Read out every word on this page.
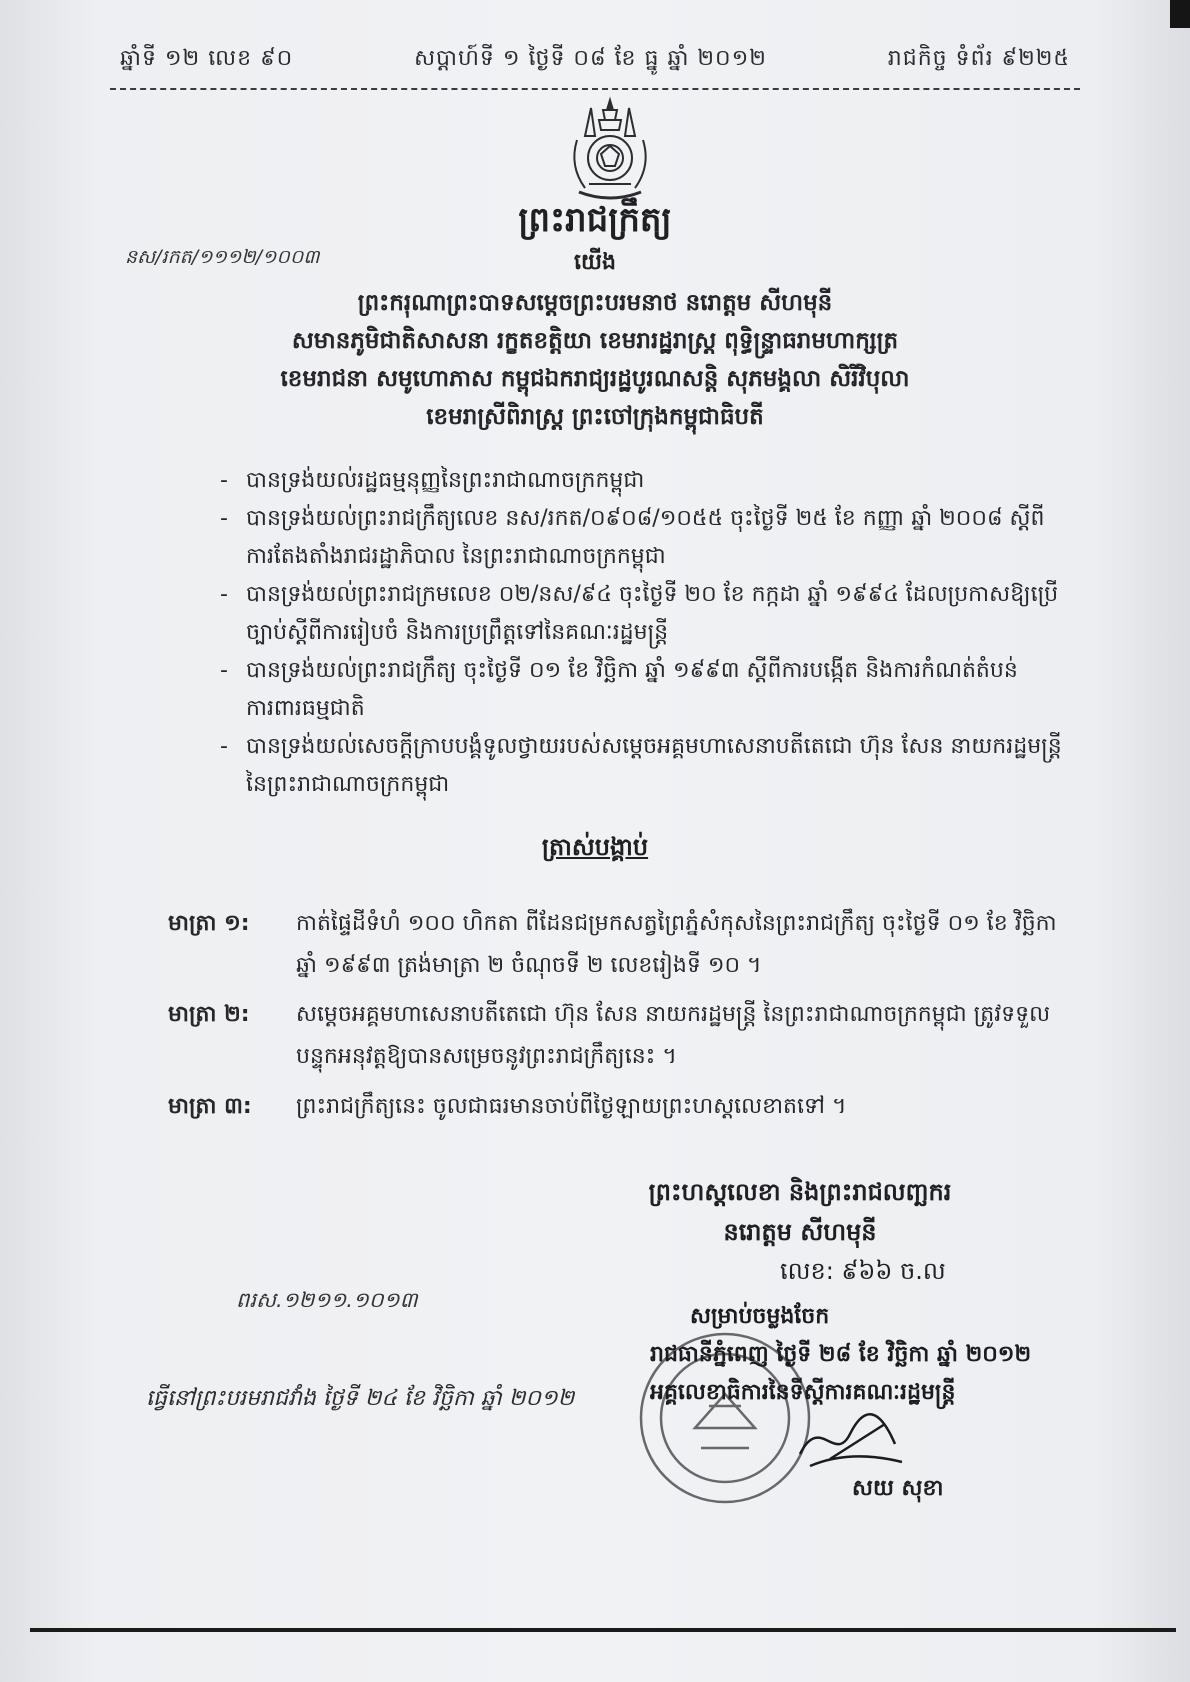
ឆ្នាំទី ១២ លេខ ៩០	សប្តាហ៍ទី ១ ថ្ងៃទី ០៨ ខែ ធ្នូ ឆ្នាំ ២០១២	រាជកិច្ច ទំព័រ ៩២២៥
ព្រះរាជក្រឹត្យ
នស/រកត/១១១២/១០០៣	យើង
ព្រះករុណាព្រះបាទសម្តេចព្រះបរមនាថ នរោត្តម សីហមុនី
សមានភូមិជាតិសាសនា រក្ខតខត្តិយា ខេមរារដ្ឋរាស្ត្រ ពុទ្ធិន្ទ្រាធរាមហាក្សត្រ
ខេមរាជនា សមូហោភាស កម្ពុជឯករាជ្យរដ្ឋបូរណសន្តិ សុភមង្គលា សិរីវិបុលា
ខេមរាស្រីពិរាស្ត្រ ព្រះចៅក្រុងកម្ពុជាធិបតី
- បានទ្រង់យល់រដ្ឋធម្មនុញ្ញនៃព្រះរាជាណាចក្រកម្ពុជា
- បានទ្រង់យល់ព្រះរាជក្រឹត្យលេខ នស/រកត/០៩០៨/១០៥៥ ចុះថ្ងៃទី ២៥ ខែ កញ្ញា ឆ្នាំ ២០០៨ ស្តីពីការតែងតាំងរាជរដ្ឋាភិបាល នៃព្រះរាជាណាចក្រកម្ពុជា
- បានទ្រង់យល់ព្រះរាជក្រមលេខ ០២/នស/៩៤ ចុះថ្ងៃទី ២០ ខែ កក្កដា ឆ្នាំ ១៩៩៤ ដែលប្រកាសឱ្យប្រើច្បាប់ស្តីពីការរៀបចំ និងការប្រព្រឹត្តទៅនៃគណៈរដ្ឋមន្ត្រី
- បានទ្រង់យល់ព្រះរាជក្រឹត្យ ចុះថ្ងៃទី ០១ ខែ វិច្ឆិកា ឆ្នាំ ១៩៩៣ ស្តីពីការបង្កើត និងការកំណត់តំបន់ការពារធម្មជាតិ
- បានទ្រង់យល់សេចក្តីក្រាបបង្គំទូលថ្វាយរបស់សម្តេចអគ្គមហាសេនាបតីតេជោ ហ៊ុន សែន នាយករដ្ឋមន្ត្រី នៃព្រះរាជាណាចក្រកម្ពុជា
ត្រាស់បង្គាប់
មាត្រា ១: កាត់ផ្ទៃដីទំហំ ១០០ ហិកតា ពីដែនជម្រកសត្វព្រៃភ្នំសំកុសនៃព្រះរាជក្រឹត្យ ចុះថ្ងៃទី ០១ ខែ វិច្ឆិកា ឆ្នាំ ១៩៩៣ ត្រង់មាត្រា ២ ចំណុចទី ២ លេខរៀងទី ១០ ។
មាត្រា ២: សម្តេចអគ្គមហាសេនាបតីតេជោ ហ៊ុន សែន នាយករដ្ឋមន្ត្រី នៃព្រះរាជាណាចក្រកម្ពុជា ត្រូវទទួលបន្ទុកអនុវត្តឱ្យបានសម្រេចនូវព្រះរាជក្រឹត្យនេះ ។
មាត្រា ៣: ព្រះរាជក្រឹត្យនេះ ចូលជាធរមានចាប់ពីថ្ងៃឡាយព្រះហស្តលេខាតទៅ ។
ព្រះហស្តលេខា និងព្រះរាជលញ្ឆករ
នរោត្តម សីហមុនី
លេខ: ៩៦៦ ច.ល
ពរស.១២១១.១០១៣
ធ្វើនៅព្រះបរមរាជវាំង ថ្ងៃទី ២៤ ខែ វិច្ឆិកា ឆ្នាំ ២០១២
សម្រាប់ចម្លងចែក
រាជធានីភ្នំពេញ ថ្ងៃទី ២៨ ខែ វិច្ឆិកា ឆ្នាំ ២០១២
អគ្គលេខាធិការនៃទីស្តីការគណៈរដ្ឋមន្ត្រី
សយ សុខា
